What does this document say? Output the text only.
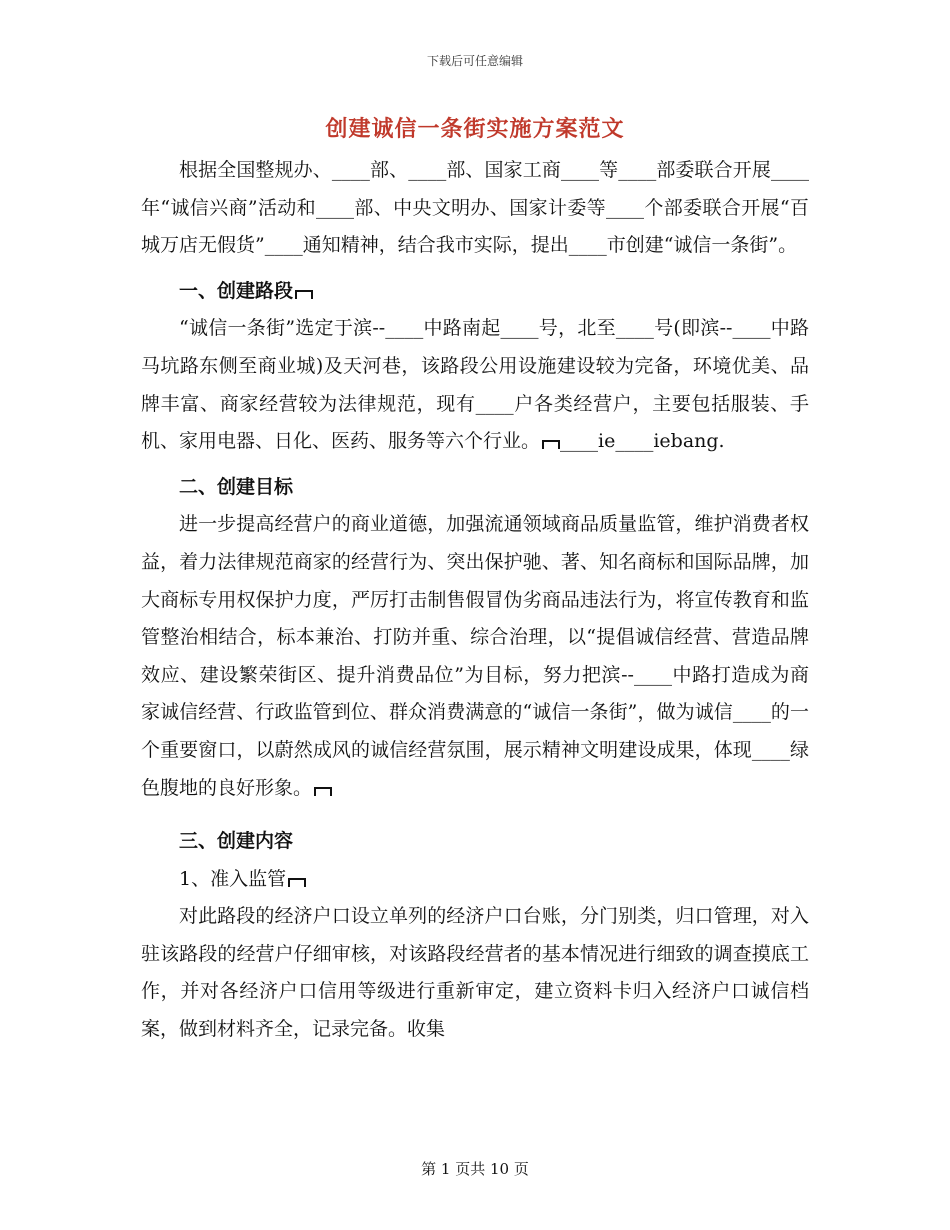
下载后可任意编辑
创建诚信一条街实施方案范文

根据全国整规办、____部、____部、国家工商____等____部委联合开展____年“诚信兴商”活动和____部、中央文明办、国家计委等____个部委联合开展“百城万店无假货”____通知精神，结合我市实际，提出____市创建“诚信一条街”。

一、创建路段

“诚信一条街”选定于滨--____中路南起____号，北至____号(即滨--____中路马坑路东侧至商业城)及天河巷，该路段公用设施建设较为完备，环境优美、品牌丰富、商家经营较为法律规范，现有____户各类经营户，主要包括服装、手机、家用电器、日化、医药、服务等六个行业。 ____ie____iebang.

二、创建目标

进一步提高经营户的商业道德，加强流通领域商品质量监管，维护消费者权益，着力法律规范商家的经营行为、突出保护驰、著、知名商标和国际品牌，加大商标专用权保护力度，严厉打击制售假冒伪劣商品违法行为，将宣传教育和监管整治相结合，标本兼治、打防并重、综合治理，以“提倡诚信经营、营造品牌效应、建设繁荣街区、提升消费品位”为目标，努力把滨--____中路打造成为商家诚信经营、行政监管到位、群众消费满意的“诚信一条街”，做为诚信____的一个重要窗口，以蔚然成风的诚信经营氛围，展示精神文明建设成果，体现____绿色腹地的良好形象。

三、创建内容
1、准入监管

对此路段的经济户口设立单列的经济户口台账，分门别类，归口管理，对入驻该路段的经营户仔细审核，对该路段经营者的基本情况进行细致的调查摸底工作，并对各经济户口信用等级进行重新审定，建立资料卡归入经济户口诚信档案，做到材料齐全，记录完备。收集

第 1 页共 10 页
